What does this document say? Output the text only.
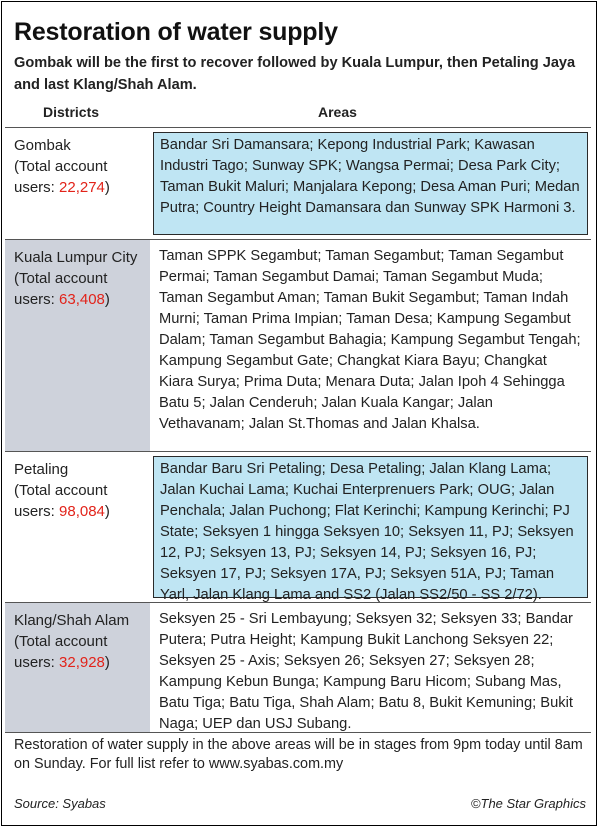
Restoration of water supply
Gombak will be the first to recover followed by Kuala Lumpur, then Petaling Jaya and last Klang/Shah Alam.
Districts	Areas
Gombak
(Total account users: 22,274)
Bandar Sri Damansara; Kepong Industrial Park; Kawasan Industri Tago; Sunway SPK; Wangsa Permai; Desa Park City; Taman Bukit Maluri; Manjalara Kepong; Desa Aman Puri; Medan Putra; Country Height Damansara dan Sunway SPK Harmoni 3.
Kuala Lumpur City
(Total account users: 63,408)
Taman SPPK Segambut; Taman Segambut; Taman Segambut Permai; Taman Segambut Damai; Taman Segambut Muda; Taman Segambut Aman; Taman Bukit Segambut; Taman Indah Murni; Taman Prima Impian; Taman Desa; Kampung Segambut Dalam; Taman Segambut Bahagia; Kampung Segambut Tengah; Kampung Segambut Gate; Changkat Kiara Bayu; Changkat Kiara Surya; Prima Duta; Menara Duta; Jalan Ipoh 4 Sehingga Batu 5; Jalan Cenderuh; Jalan Kuala Kangar; Jalan Vethavanam; Jalan St.Thomas and Jalan Khalsa.
Petaling
(Total account users: 98,084)
Bandar Baru Sri Petaling; Desa Petaling; Jalan Klang Lama; Jalan Kuchai Lama; Kuchai Enterprenuers Park; OUG; Jalan Penchala; Jalan Puchong; Flat Kerinchi; Kampung Kerinchi; PJ State; Seksyen 1 hingga Seksyen 10; Seksyen 11, PJ; Seksyen 12, PJ; Seksyen 13, PJ; Seksyen 14, PJ; Seksyen 16, PJ; Seksyen 17, PJ; Seksyen 17A, PJ; Seksyen 51A, PJ; Taman Yarl, Jalan Klang Lama and SS2 (Jalan SS2/50 - SS 2/72).
Klang/Shah Alam
(Total account users: 32,928)
Seksyen 25 - Sri Lembayung; Seksyen 32; Seksyen 33; Bandar Putera; Putra Height; Kampung Bukit Lanchong Seksyen 22; Seksyen 25 - Axis; Seksyen 26; Seksyen 27; Seksyen 28; Kampung Kebun Bunga; Kampung Baru Hicom; Subang Mas, Batu Tiga; Batu Tiga, Shah Alam; Batu 8, Bukit Kemuning; Bukit Naga; UEP dan USJ Subang.
Restoration of water supply in the above areas will be in stages from 9pm today until 8am on Sunday. For full list refer to www.syabas.com.my
Source: Syabas	©The Star Graphics
